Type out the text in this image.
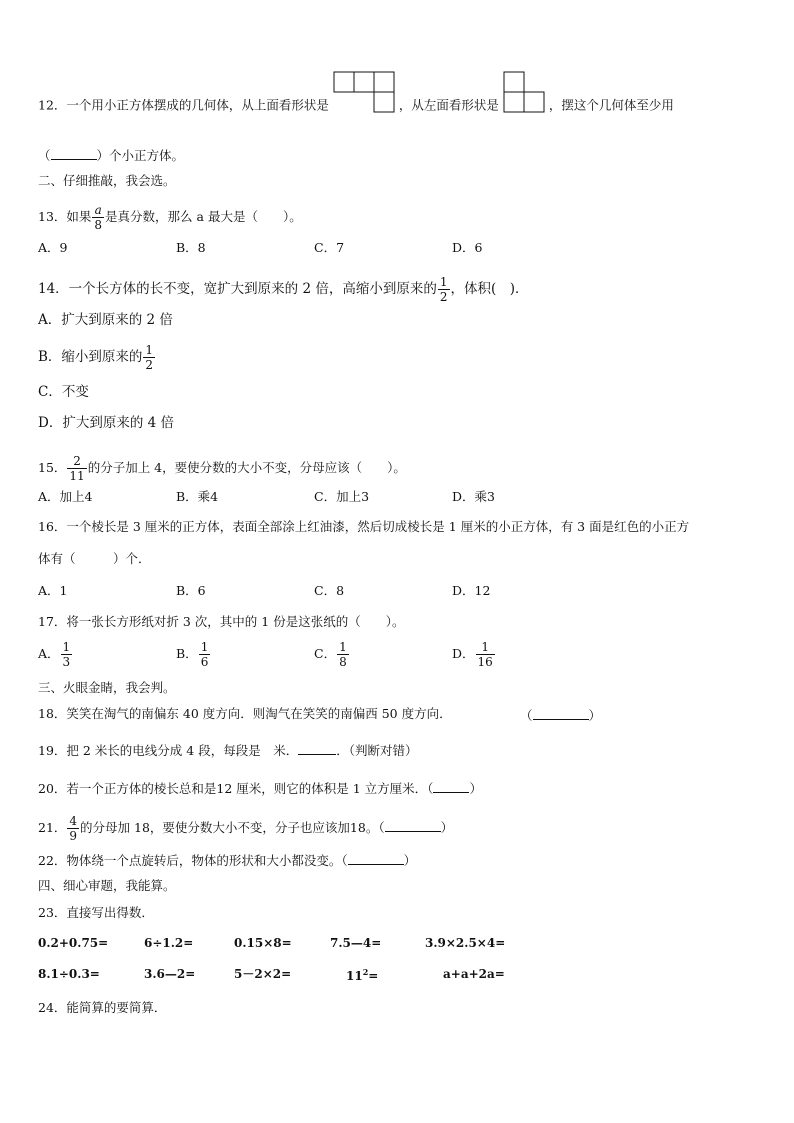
12．一个用小正方体摆成的几何体，从上面看形状是	，从左面看形状是	，摆这个几何体至少用
（	）个小正方体。
二、仔细推敲，我会选。
13．如果 $\frac{a}{8}$ 是真分数，那么 a 最大是（　　）。
A．9	B．8	C．7	D．6
14．一个长方体的长不变，宽扩大到原来的 2 倍，高缩小到原来的 $\frac{1}{2}$ ，体积(　)．
A．扩大到原来的 2 倍
B．缩小到原来的 $\frac{1}{2}$
C．不变
D．扩大到原来的 4 倍
15． $\frac{2}{11}$ 的分子加上 4，要使分数的大小不变，分母应该（　　）。
A．加上4	B．乘4	C．加上3	D．乘3
16．一个棱长是 3 厘米的正方体，表面全部涂上红油漆，然后切成棱长是 1 厘米的小正方体，有 3 面是红色的小正方
体有（　　　）个．
A．1	B．6	C．8	D．12
17．将一张长方形纸对折 3 次，其中的 1 份是这张纸的（　　）。
A． $\frac{1}{3}$	B． $\frac{1}{6}$	C． $\frac{1}{8}$	D． $\frac{1}{16}$
三、火眼金睛，我会判。
18．笑笑在淘气的南偏东 40 度方向．则淘气在笑笑的南偏西 50 度方向．	（	）
19．把 2 米长的电线分成 4 段，每段是　米．	．（判断对错）
20．若一个正方体的棱长总和是12 厘米，则它的体积是 1 立方厘米．（	）
21． $\frac{4}{9}$ 的分母加 18，要使分数大小不变，分子也应该加18。（	）
22．物体绕一个点旋转后，物体的形状和大小都没变。（	）
四、细心审题，我能算。
23．直接写出得数．
0.2+0.75=	6÷1.2=	0.15×8=	7.5—4=	3.9×2.5×4=
8.1÷0.3=	3.6—2=	5－2×2=	$11^2=$	a+a+2a=
24．能简算的要简算．
